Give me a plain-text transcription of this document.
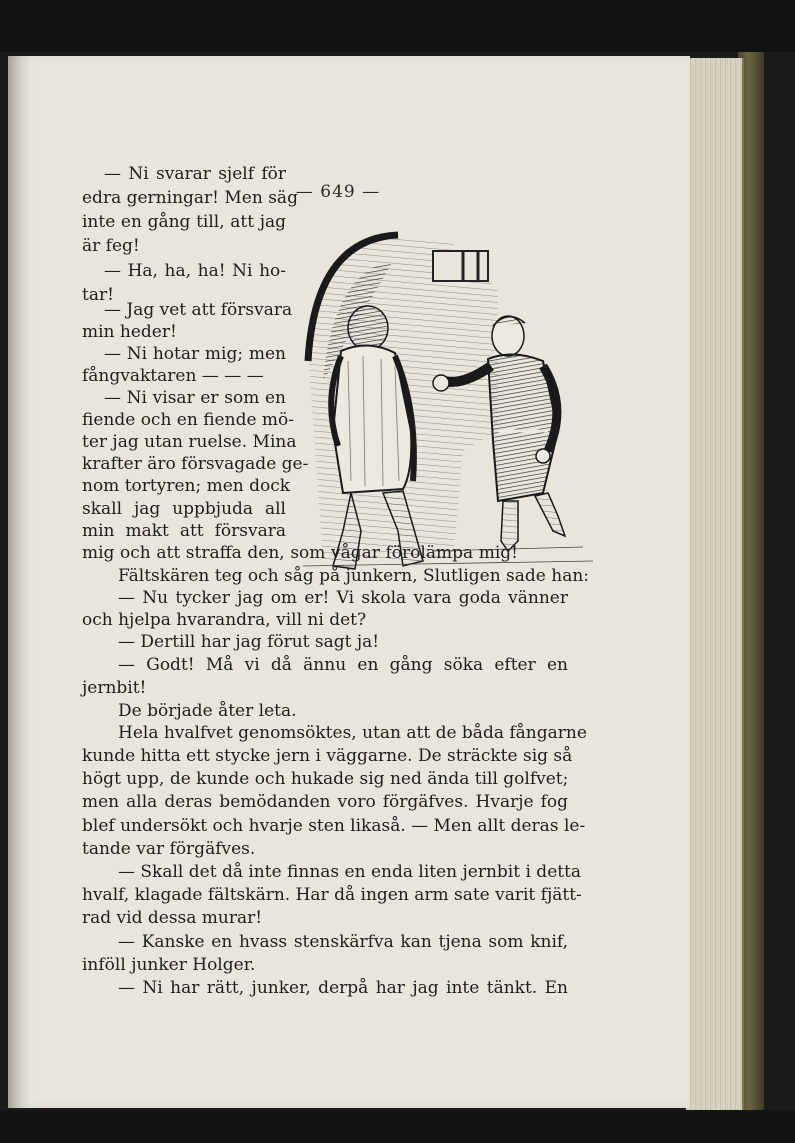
— 649 —
— Ni svarar sjelf för
edra gerningar! Men säg
inte en gång till, att jag
är feg!
— Ha, ha, ha! Ni ho-
tar!
— Jag vet att försvara
min heder!
— Ni hotar mig; men
fångvaktaren — — —
— Ni visar er som en
fiende och en fiende mö-
ter jag utan ruelse. Mina
krafter äro försvagade ge-
nom tortyren; men dock
skall jag uppbjuda all
min makt att försvara
mig och att straffa den, som vågar förolämpa mig!
Fältskären teg och såg på junkern, Slutligen sade han:
— Nu tycker jag om er! Vi skola vara goda vänner
och hjelpa hvarandra, vill ni det?
— Dertill har jag förut sagt ja!
— Godt! Må vi då ännu en gång söka efter en
jernbit!
De började åter leta.
Hela hvalfvet genomsöktes, utan att de båda fångarne
kunde hitta ett stycke jern i väggarne. De sträckte sig så
högt upp, de kunde och hukade sig ned ända till golfvet;
men alla deras bemödanden voro förgäfves. Hvarje fog
blef undersökt och hvarje sten likaså. — Men allt deras le-
tande var förgäfves.
— Skall det då inte finnas en enda liten jernbit i detta
hvalf, klagade fältskärn. Har då ingen arm sate varit fjätt-
rad vid dessa murar!
— Kanske en hvass stenskärfva kan tjena som knif,
inföll junker Holger.
— Ni har rätt, junker, derpå har jag inte tänkt. En
